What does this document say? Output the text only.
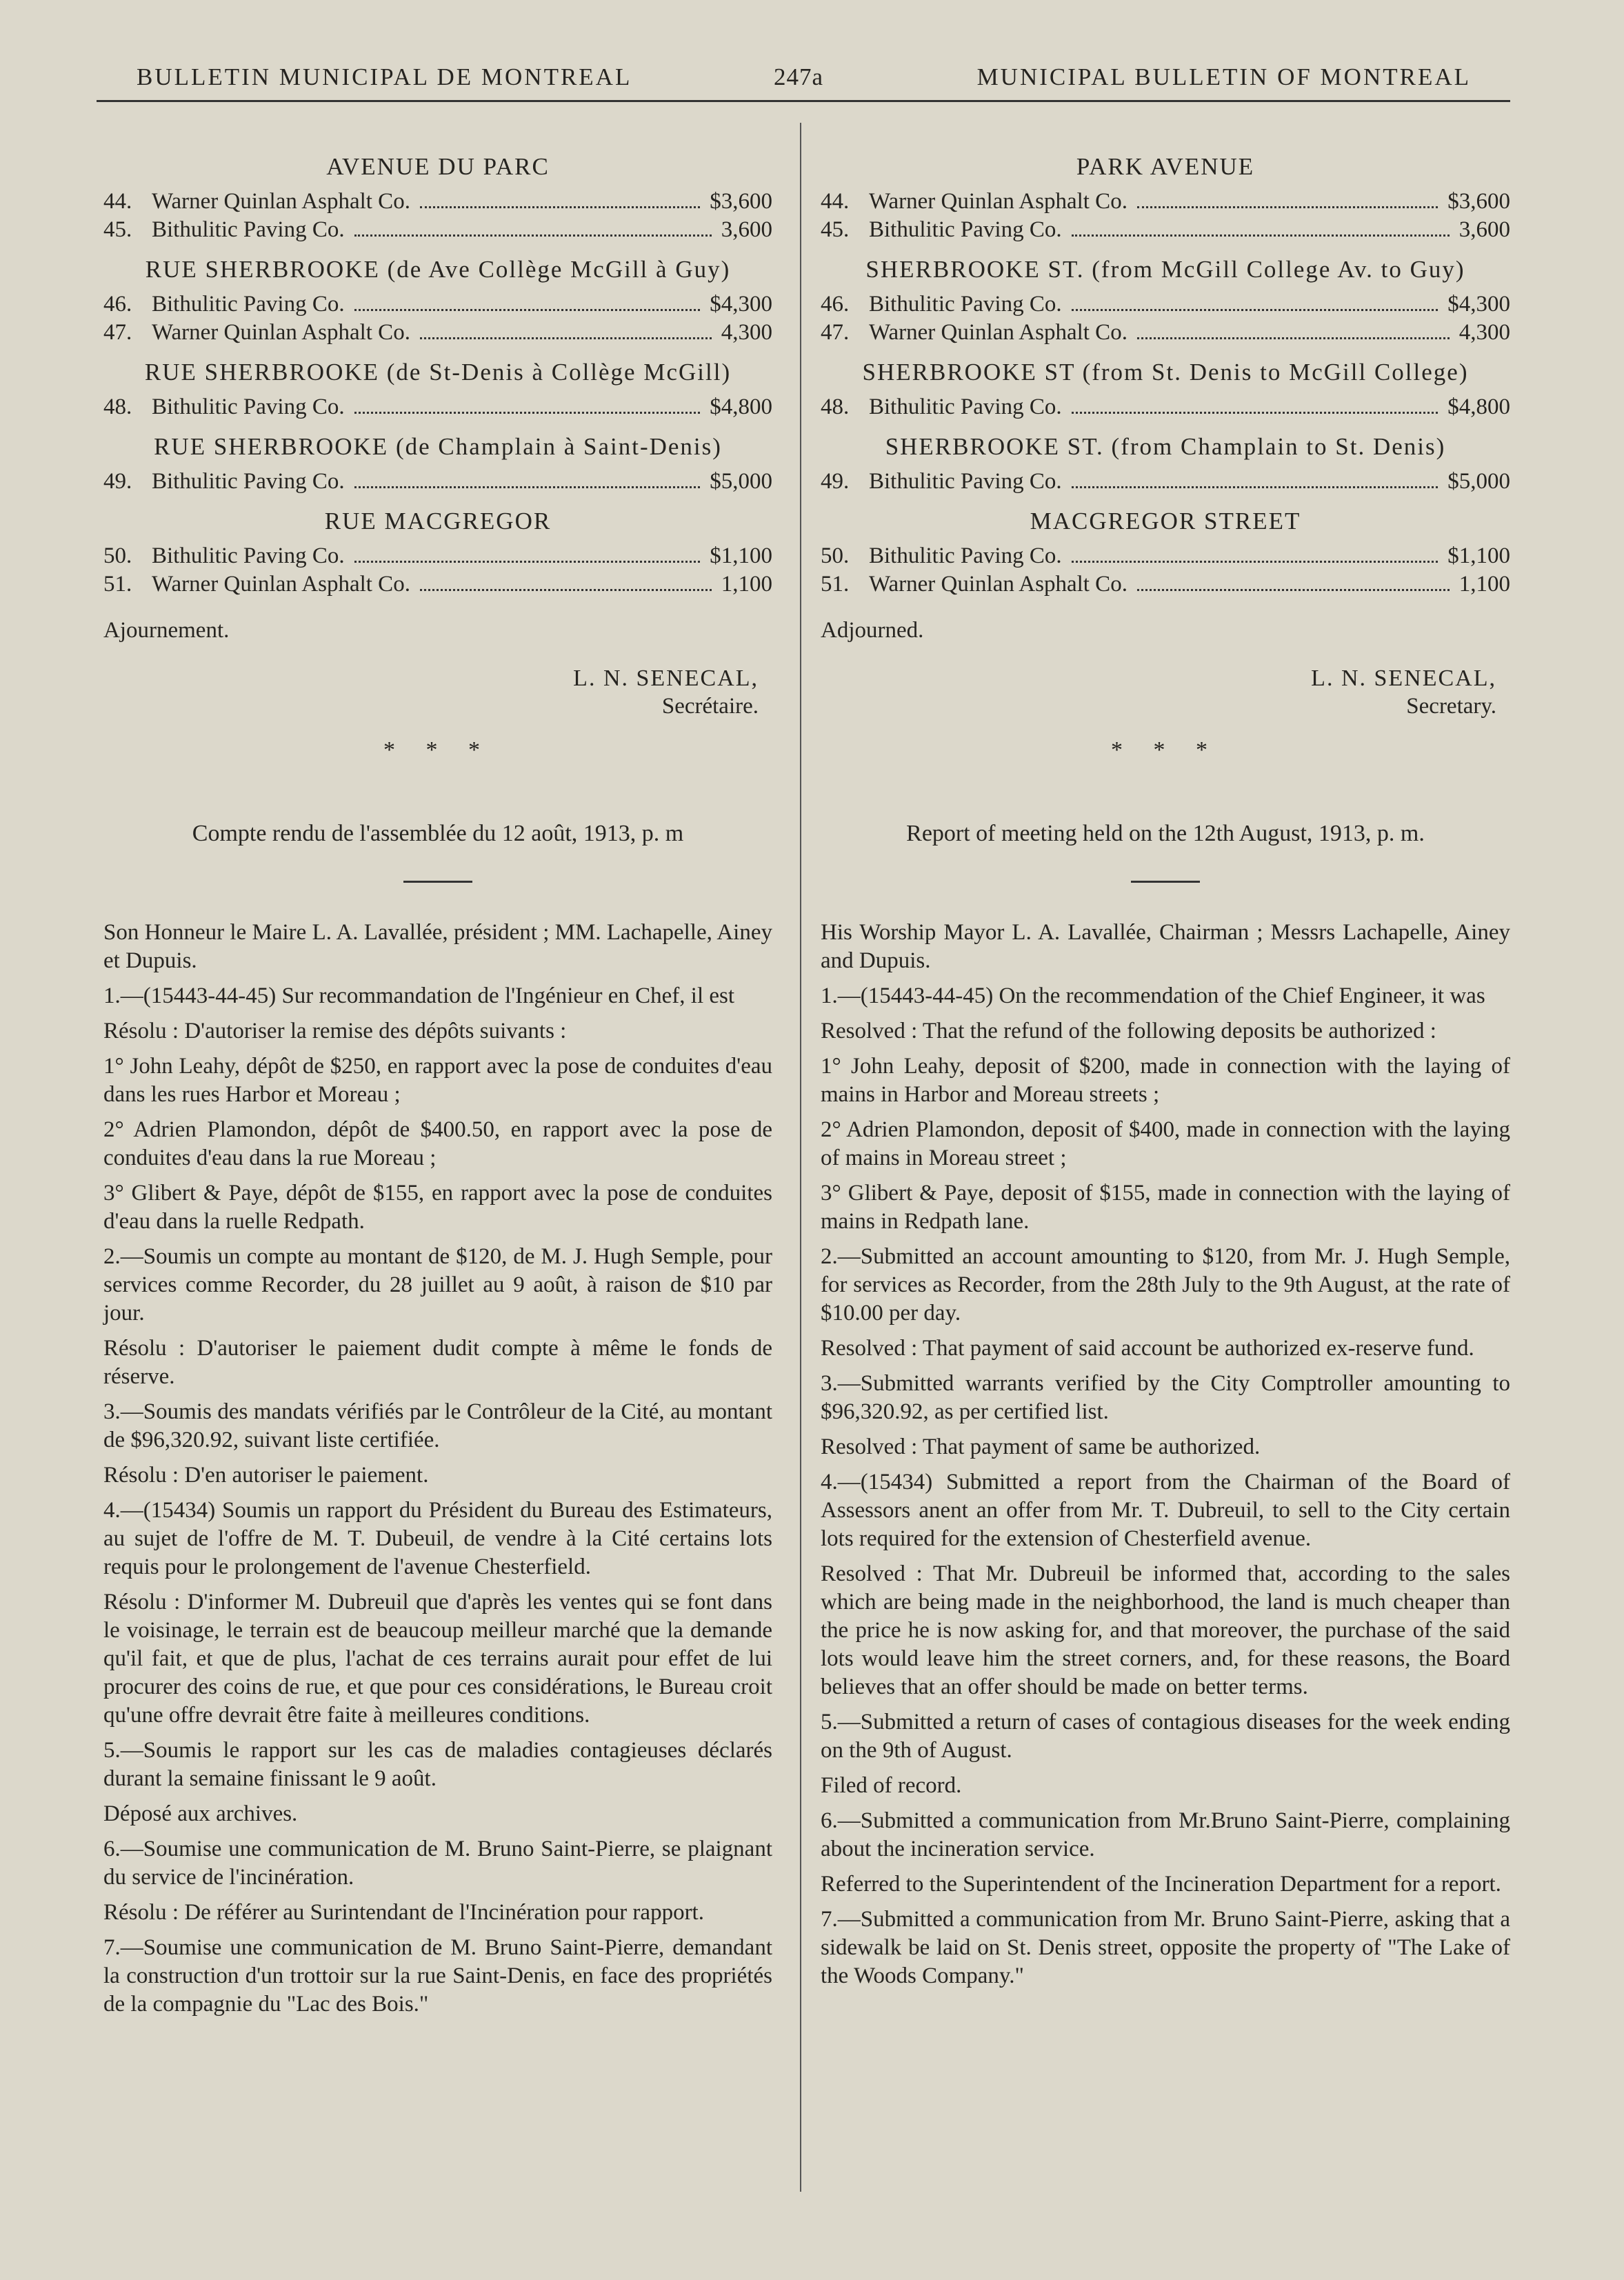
BULLETIN MUNICIPAL DE MONTREAL	247a	MUNICIPAL BULLETIN OF MONTREAL
AVENUE DU PARC
44. Warner Quinlan Asphalt Co.	$3,600
45. Bithulitic Paving Co.	3,600
RUE SHERBROOKE (de Ave Collège McGill à Guy)
46. Bithulitic Paving Co.	$4,300
47. Warner Quinlan Asphalt Co.	4,300
RUE SHERBROOKE (de St-Denis à Collège McGill)
48. Bithulitic Paving Co.	$4,800
RUE SHERBROOKE (de Champlain à Saint-Denis)
49. Bithulitic Paving Co.	$5,000
RUE MACGREGOR
50. Bithulitic Paving Co.	$1,100
51. Warner Quinlan Asphalt Co.	1,100
Ajournement.
L. N. SENECAL,
Secrétaire.
* * *
Compte rendu de l'assemblée du 12 août, 1913, p. m

Son Honneur le Maire L. A. Lavallée, président ; MM. Lachapelle, Ainey et Dupuis.

1.—(15443-44-45) Sur recommandation de l'Ingénieur en Chef, il est

Résolu : D'autoriser la remise des dépôts suivants :

1° John Leahy, dépôt de $250, en rapport avec la pose de conduites d'eau dans les rues Harbor et Moreau ;

2° Adrien Plamondon, dépôt de $400.50, en rapport avec la pose de conduites d'eau dans la rue Moreau ;

3° Glibert & Paye, dépôt de $155, en rapport avec la pose de conduites d'eau dans la ruelle Redpath.

2.—Soumis un compte au montant de $120, de M. J. Hugh Semple, pour services comme Recorder, du 28 juillet au 9 août, à raison de $10 par jour.

Résolu : D'autoriser le paiement dudit compte à même le fonds de réserve.

3.—Soumis des mandats vérifiés par le Contrôleur de la Cité, au montant de $96,320.92, suivant liste certifiée.

Résolu : D'en autoriser le paiement.

4.—(15434) Soumis un rapport du Président du Bureau des Estimateurs, au sujet de l'offre de M. T. Dubeuil, de vendre à la Cité certains lots requis pour le prolongement de l'avenue Chesterfield.

Résolu : D'informer M. Dubreuil que d'après les ventes qui se font dans le voisinage, le terrain est de beaucoup meilleur marché que la demande qu'il fait, et que de plus, l'achat de ces terrains aurait pour effet de lui procurer des coins de rue, et que pour ces considérations, le Bureau croit qu'une offre devrait être faite à meilleures conditions.

5.—Soumis le rapport sur les cas de maladies contagieuses déclarés durant la semaine finissant le 9 août.

Déposé aux archives.

6.—Soumise une communication de M. Bruno Saint-Pierre, se plaignant du service de l'incinération.

Résolu : De référer au Surintendant de l'Incinération pour rapport.

7.—Soumise une communication de M. Bruno Saint-Pierre, demandant la construction d'un trottoir sur la rue Saint-Denis, en face des propriétés de la compagnie du "Lac des Bois."

PARK AVENUE
44. Warner Quinlan Asphalt Co.	$3,600
45. Bithulitic Paving Co.	3,600
SHERBROOKE ST. (from McGill College Av. to Guy)
46. Bithulitic Paving Co.	$4,300
47. Warner Quinlan Asphalt Co.	4,300
SHERBROOKE ST (from St. Denis to McGill College)
48. Bithulitic Paving Co.	$4,800
SHERBROOKE ST. (from Champlain to St. Denis)
49. Bithulitic Paving Co.	$5,000
MACGREGOR STREET
50. Bithulitic Paving Co.	$1,100
51. Warner Quinlan Asphalt Co.	1,100
Adjourned.
L. N. SENECAL,
Secretary.
* * *
Report of meeting held on the 12th August, 1913, p. m.

His Worship Mayor L. A. Lavallée, Chairman ; Messrs Lachapelle, Ainey and Dupuis.

1.—(15443-44-45) On the recommendation of the Chief Engineer, it was

Resolved : That the refund of the following deposits be authorized :

1° John Leahy, deposit of $200, made in connection with the laying of mains in Harbor and Moreau streets ;

2° Adrien Plamondon, deposit of $400, made in connection with the laying of mains in Moreau street ;

3° Glibert & Paye, deposit of $155, made in connection with the laying of mains in Redpath lane.

2.—Submitted an account amounting to $120, from Mr. J. Hugh Semple, for services as Recorder, from the 28th July to the 9th August, at the rate of $10.00 per day.

Resolved : That payment of said account be authorized ex-reserve fund.

3.—Submitted warrants verified by the City Comptroller amounting to $96,320.92, as per certified list.

Resolved : That payment of same be authorized.

4.—(15434) Submitted a report from the Chairman of the Board of Assessors anent an offer from Mr. T. Dubreuil, to sell to the City certain lots required for the extension of Chesterfield avenue.

Resolved : That Mr. Dubreuil be informed that, according to the sales which are being made in the neighborhood, the land is much cheaper than the price he is now asking for, and that moreover, the purchase of the said lots would leave him the street corners, and, for these reasons, the Board believes that an offer should be made on better terms.

5.—Submitted a return of cases of contagious diseases for the week ending on the 9th of August.

Filed of record.

6.—Submitted a communication from Mr.Bruno Saint-Pierre, complaining about the incineration service.

Referred to the Superintendent of the Incineration Department for a report.

7.—Submitted a communication from Mr. Bruno Saint-Pierre, asking that a sidewalk be laid on St. Denis street, opposite the property of "The Lake of the Woods Company."
